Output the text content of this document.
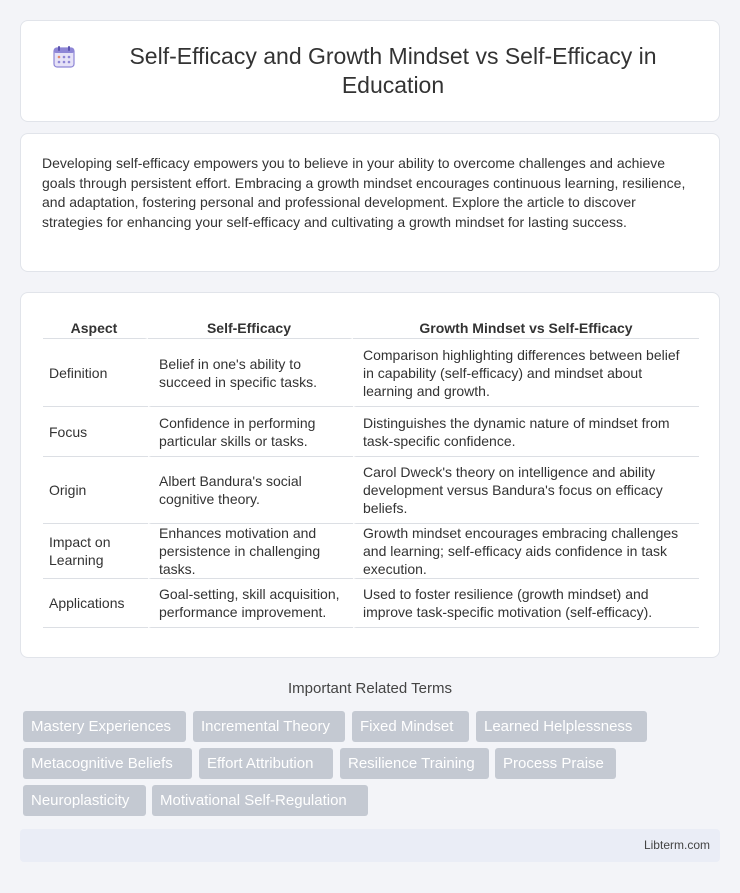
Self-Efficacy and Growth Mindset vs Self-Efficacy in Education

Developing self-efficacy empowers you to believe in your ability to overcome challenges and achieve goals through persistent effort. Embracing a growth mindset encourages continuous learning, resilience, and adaptation, fostering personal and professional development. Explore the article to discover strategies for enhancing your self-efficacy and cultivating a growth mindset for lasting success.

Aspect	Self-Efficacy	Growth Mindset vs Self-Efficacy
Definition	Belief in one's ability to succeed in specific tasks.	Comparison highlighting differences between belief in capability (self-efficacy) and mindset about learning and growth.
Focus	Confidence in performing particular skills or tasks.	Distinguishes the dynamic nature of mindset from task-specific confidence.
Origin	Albert Bandura's social cognitive theory.	Carol Dweck's theory on intelligence and ability development versus Bandura's focus on efficacy beliefs.
Impact on Learning	Enhances motivation and persistence in challenging tasks.	Growth mindset encourages embracing challenges and learning; self-efficacy aids confidence in task execution.
Applications	Goal-setting, skill acquisition, performance improvement.	Used to foster resilience (growth mindset) and improve task-specific motivation (self-efficacy).
Important Related Terms
Mastery Experiences	Incremental Theory	Fixed Mindset	Learned Helplessness
Metacognitive Beliefs	Effort Attribution	Resilience Training	Process Praise
Neuroplasticity	Motivational Self-Regulation
Libterm.com
